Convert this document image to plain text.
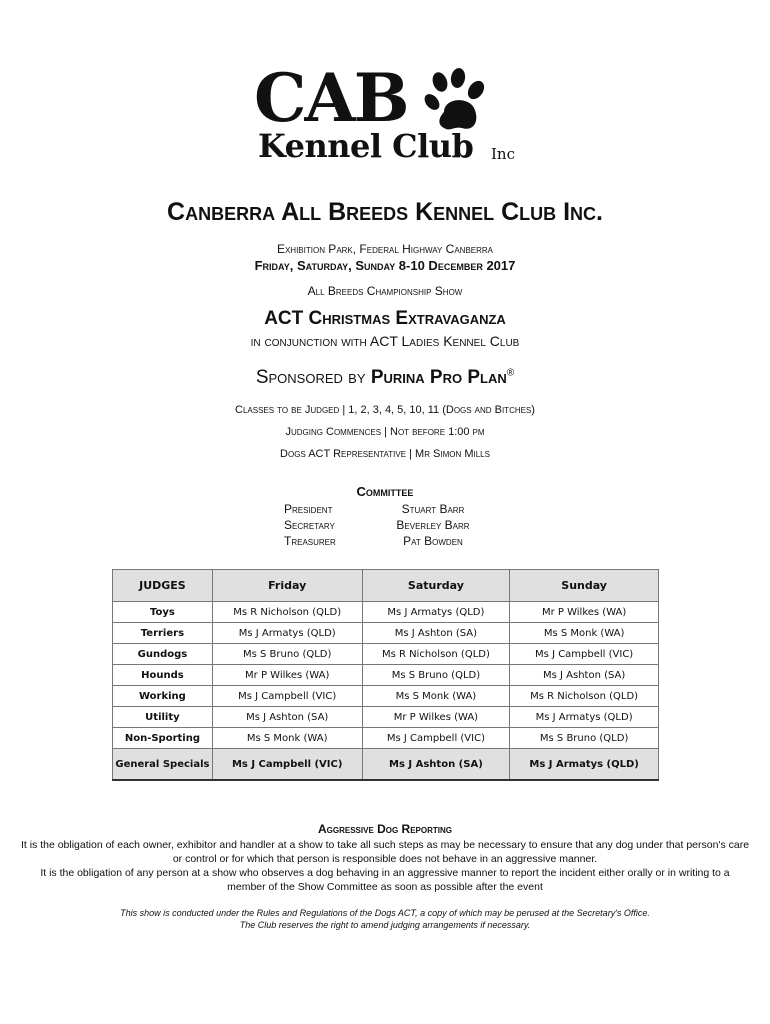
CAB
Kennel Club Inc
Canberra All Breeds Kennel Club Inc.
Exhibition Park, Federal Highway Canberra
Friday, Saturday, Sunday 8-10 December 2017
All Breeds Championship Show
ACT Christmas Extravaganza
in conjunction with ACT Ladies Kennel Club
Sponsored by Purina Pro Plan®
Classes to be Judged | 1, 2, 3, 4, 5, 10, 11 (Dogs and Bitches)
Judging Commences | Not before 1:00 pm
Dogs ACT Representative | Mr Simon Mills
Committee
President	Stuart Barr
Secretary	Beverley Barr
Treasurer	Pat Bowden
JUDGES	Friday	Saturday	Sunday
Toys	Ms R Nicholson (QLD)	Ms J Armatys (QLD)	Mr P Wilkes (WA)
Terriers	Ms J Armatys (QLD)	Ms J Ashton (SA)	Ms S Monk (WA)
Gundogs	Ms S Bruno (QLD)	Ms R Nicholson (QLD)	Ms J Campbell (VIC)
Hounds	Mr P Wilkes (WA)	Ms S Bruno (QLD)	Ms J Ashton (SA)
Working	Ms J Campbell (VIC)	Ms S Monk (WA)	Ms R Nicholson (QLD)
Utility	Ms J Ashton (SA)	Mr P Wilkes (WA)	Ms J Armatys (QLD)
Non-Sporting	Ms S Monk (WA)	Ms J Campbell (VIC)	Ms S Bruno (QLD)
General Specials	Ms J Campbell (VIC)	Ms J Ashton (SA)	Ms J Armatys (QLD)
Aggressive Dog Reporting
It is the obligation of each owner, exhibitor and handler at a show to take all such steps as may be necessary to ensure that any dog under that person's care or control or for which that person is responsible does not behave in an aggressive manner.
It is the obligation of any person at a show who observes a dog behaving in an aggressive manner to report the incident either orally or in writing to a member of the Show Committee as soon as possible after the event
This show is conducted under the Rules and Regulations of the Dogs ACT, a copy of which may be perused at the Secretary's Office.
The Club reserves the right to amend judging arrangements if necessary.
